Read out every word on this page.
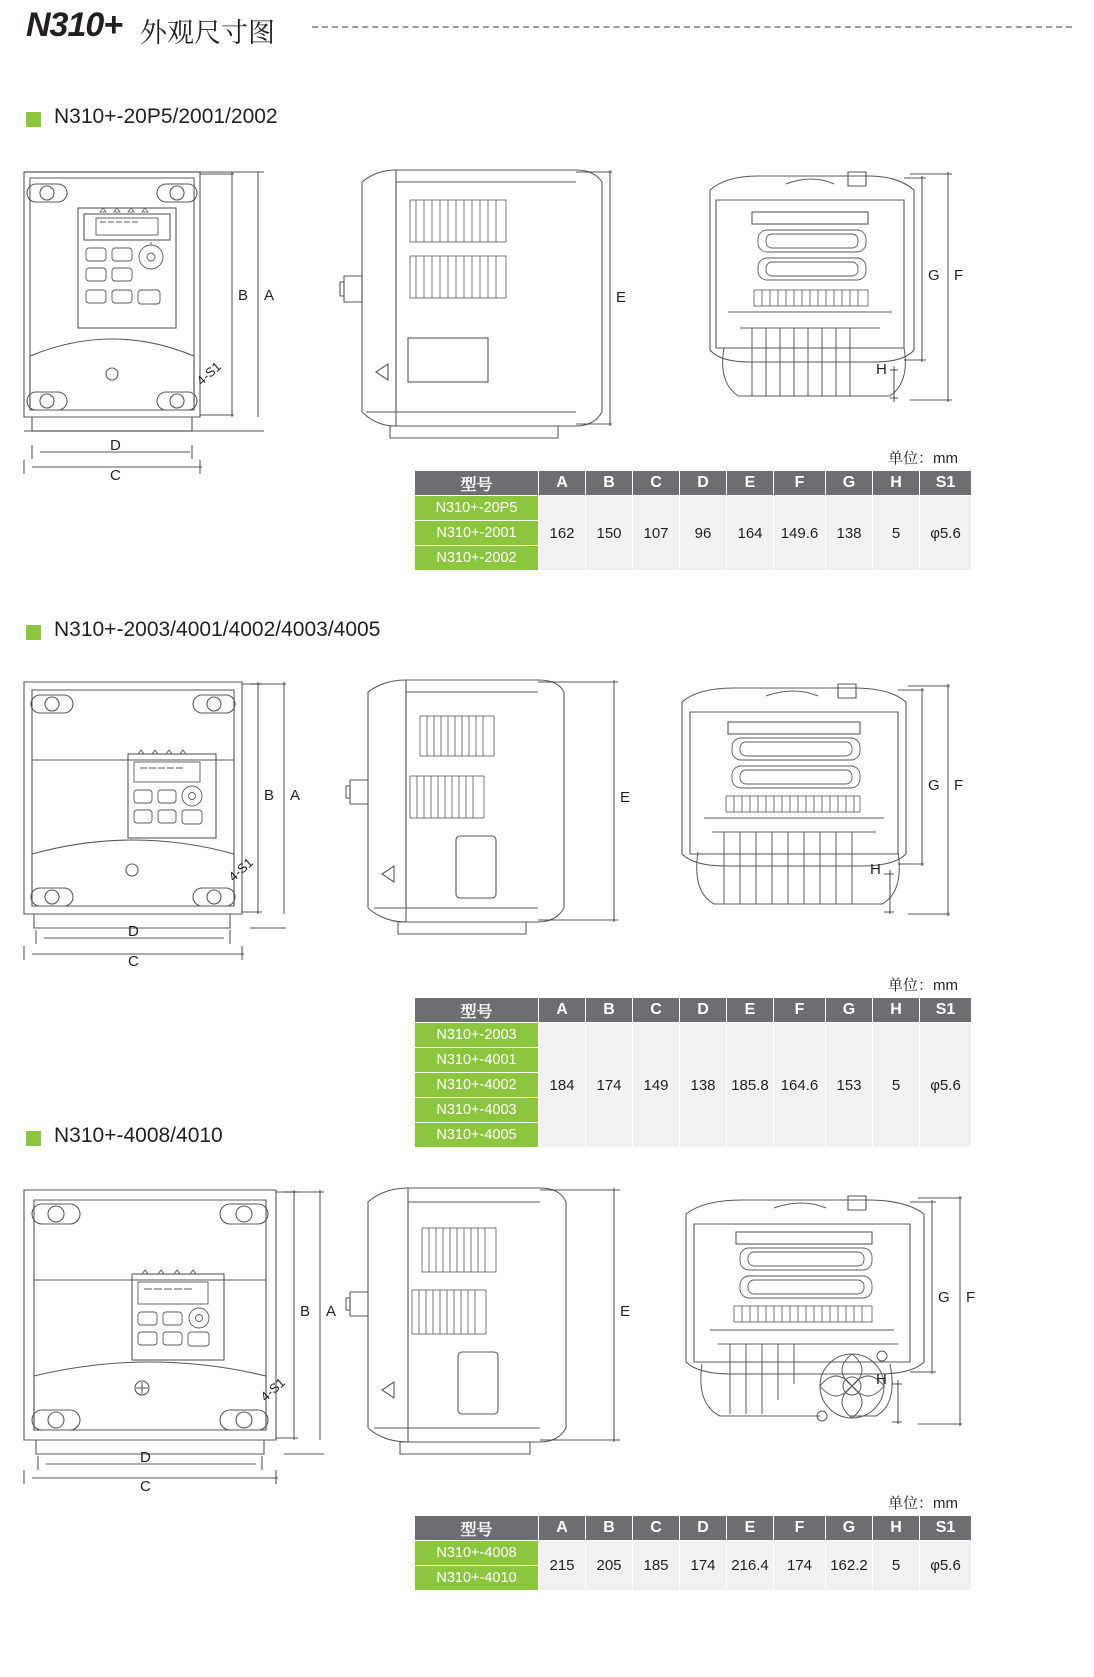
N310+ 外观尺寸图
N310+-20P5/2001/2002
B A
D
C
4-S1
E
G F
H
单位：mm
型号	A	B	C	D	E	F	G	H	S1
N310+-20P5	162	150	107	96	164	149.6	138	5	φ5.6
N310+-2001									
N310+-2002									
N310+-2003/4001/4002/4003/4005
B A
D
C
4-S1
E
G F
H
单位：mm
型号	A	B	C	D	E	F	G	H	S1
N310+-2003	184	174	149	138	185.8	164.6	153	5	φ5.6
N310+-4001									
N310+-4002									
N310+-4003									
N310+-4005									
N310+-4008/4010
B A
D
C
4-S1
E
G F
H
单位：mm
型号	A	B	C	D	E	F	G	H	S1
N310+-4008	215	205	185	174	216.4	174	162.2	5	φ5.6
N310+-4010									
